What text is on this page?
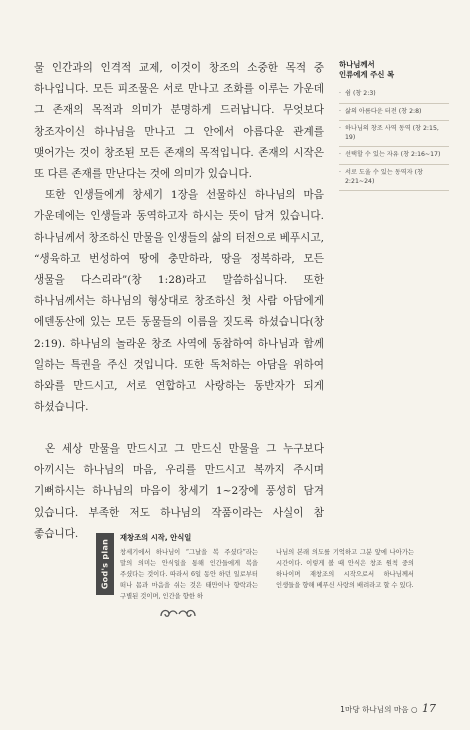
물 인간과의 인격적 교제, 이것이 창조의 소중한 목적 중 하나입니다. 모든 피조물은 서로 만나고 조화를 이루는 가운데 그 존재의 목적과 의미가 분명하게 드러납니다. 무엇보다 창조자이신 하나님을 만나고 그 안에서 아름다운 관계를 맺어가는 것이 창조된 모든 존재의 목적입니다. 존재의 시작은 또 다른 존재를 만난다는 것에 의미가 있습니다.

또한 인생들에게 창세기 1장을 선물하신 하나님의 마음 가운데에는 인생들과 동역하고자 하시는 뜻이 담겨 있습니다. 하나님께서 창조하신 만물을 인생들의 삶의 터전으로 베푸시고, “생육하고 번성하여 땅에 충만하라, 땅을 정복하라, 모든 생물을 다스리라”(창 1:28)라고 말씀하십니다. 또한 하나님께서는 하나님의 형상대로 창조하신 첫 사람 아담에게 에덴동산에 있는 모든 동물들의 이름을 짓도록 하셨습니다(창 2:19). 하나님의 놀라운 창조 사역에 동참하여 하나님과 함께 일하는 특권을 주신 것입니다. 또한 독처하는 아담을 위하여 하와를 만드시고, 서로 연합하고 사랑하는 동반자가 되게 하셨습니다.

온 세상 만물을 만드시고 그 만드신 만물을 그 누구보다 아끼시는 하나님의 마음, 우리를 만드시고 복까지 주시며 기뻐하시는 하나님의 마음이 창세기 1~2장에 풍성히 담겨 있습니다. 부족한 저도 하나님의 작품이라는 사실이 참 좋습니다.

하나님께서
인류에게 주신 복

· 쉼 (창 2:3)
· 삶의 아름다운 터전 (창 2:8)
· 하나님의 창조 사역 동역 (창 2:15, 19)
· 선택할 수 있는 자유 (창 2:16~17)
· 서로 도울 수 있는 동역자 (창 2:21~24)
God's plan
재창조의 시작, 안식일

창세기에서 하나님이 “그날을 복 주셨다”라는 말의 의미는 안식일을 통해 인간들에게 복을 주셨다는 것이다. 따라서 6일 동안 하던 일로부터 떠나 몸과 마음을 쉬는 것은 태만이나 향락과는 구별된 것이며, 인간을 향한 하

나님의 본래 의도를 기억하고 그분 앞에 나아가는 시간이다. 이렇게 볼 때 안식은 창조 원칙 중의 하나이며 재창조의 시작으로서 하나님께서 인생들을 향해 베푸신 사랑의 배려라고 할 수 있다.

1마당 하나님의 마음 ○ 17
